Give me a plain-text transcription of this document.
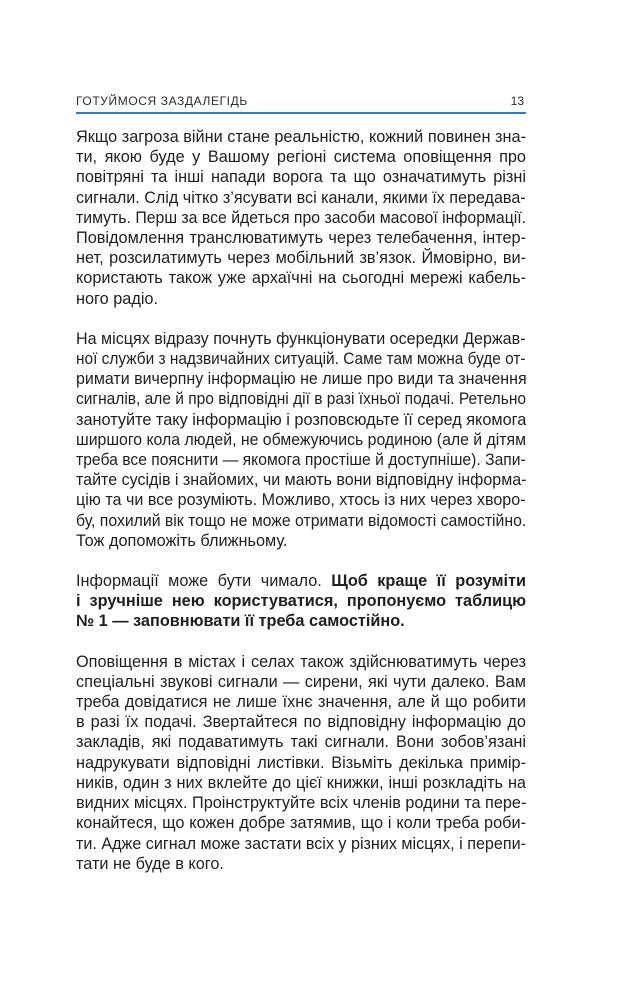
ГОТУЙМОСЯ ЗАЗДАЛЕГІДЬ	13

Якщо загроза війни стане реальністю, кожний повинен зна-
ти, якою буде у Вашому регіоні система оповіщення про
повітряні та інші напади ворога та що означатимуть різні
сигнали. Слід чітко з’ясувати всі канали, якими їх передава-
тимуть. Перш за все йдеться про засоби масової інформації.
Повідомлення транслюватимуть через телебачення, інтер-
нет, розсилатимуть через мобільний зв’язок. Ймовірно, ви-
користають також уже архаїчні на сьогодні мережі кабель-
ного радіо.

На місцях відразу почнуть функціонувати осередки Держав-
ної служби з надзвичайних ситуацій. Саме там можна буде от-
римати вичерпну інформацію не лише про види та значення
сигналів, але й про відповідні дії в разі їхньої подачі. Ретельно
занотуйте таку інформацію і розповсюдьте її серед якомога
ширшого кола людей, не обмежуючись родиною (але й дітям
треба все пояснити — якомога простіше й доступніше). Запи-
тайте сусідів і знайомих, чи мають вони відповідну інформа-
цію та чи все розуміють. Можливо, хтось із них через хворо-
бу, похилий вік тощо не може отримати відомості самостійно.
Тож допоможіть ближньому.

Інформації може бути чимало. Щоб краще її розуміти
і зручніше нею користуватися, пропонуємо таблицю
№ 1 — заповнювати її треба самостійно.

Оповіщення в містах і селах також здійснюватимуть через
спеціальні звукові сигнали — сирени, які чути далеко. Вам
треба довідатися не лише їхнє значення, але й що робити
в разі їх подачі. Звертайтеся по відповідну інформацію до
закладів, які подаватимуть такі сигнали. Вони зобов’язані
надрукувати відповідні листівки. Візьміть декілька примір-
ників, один з них вклейте до цієї книжки, інші розкладіть на
видних місцях. Проінструктуйте всіх членів родини та пере-
конайтеся, що кожен добре затямив, що і коли треба роби-
ти. Адже сигнал може застати всіх у різних місцях, і перепи-
тати не буде в кого.
